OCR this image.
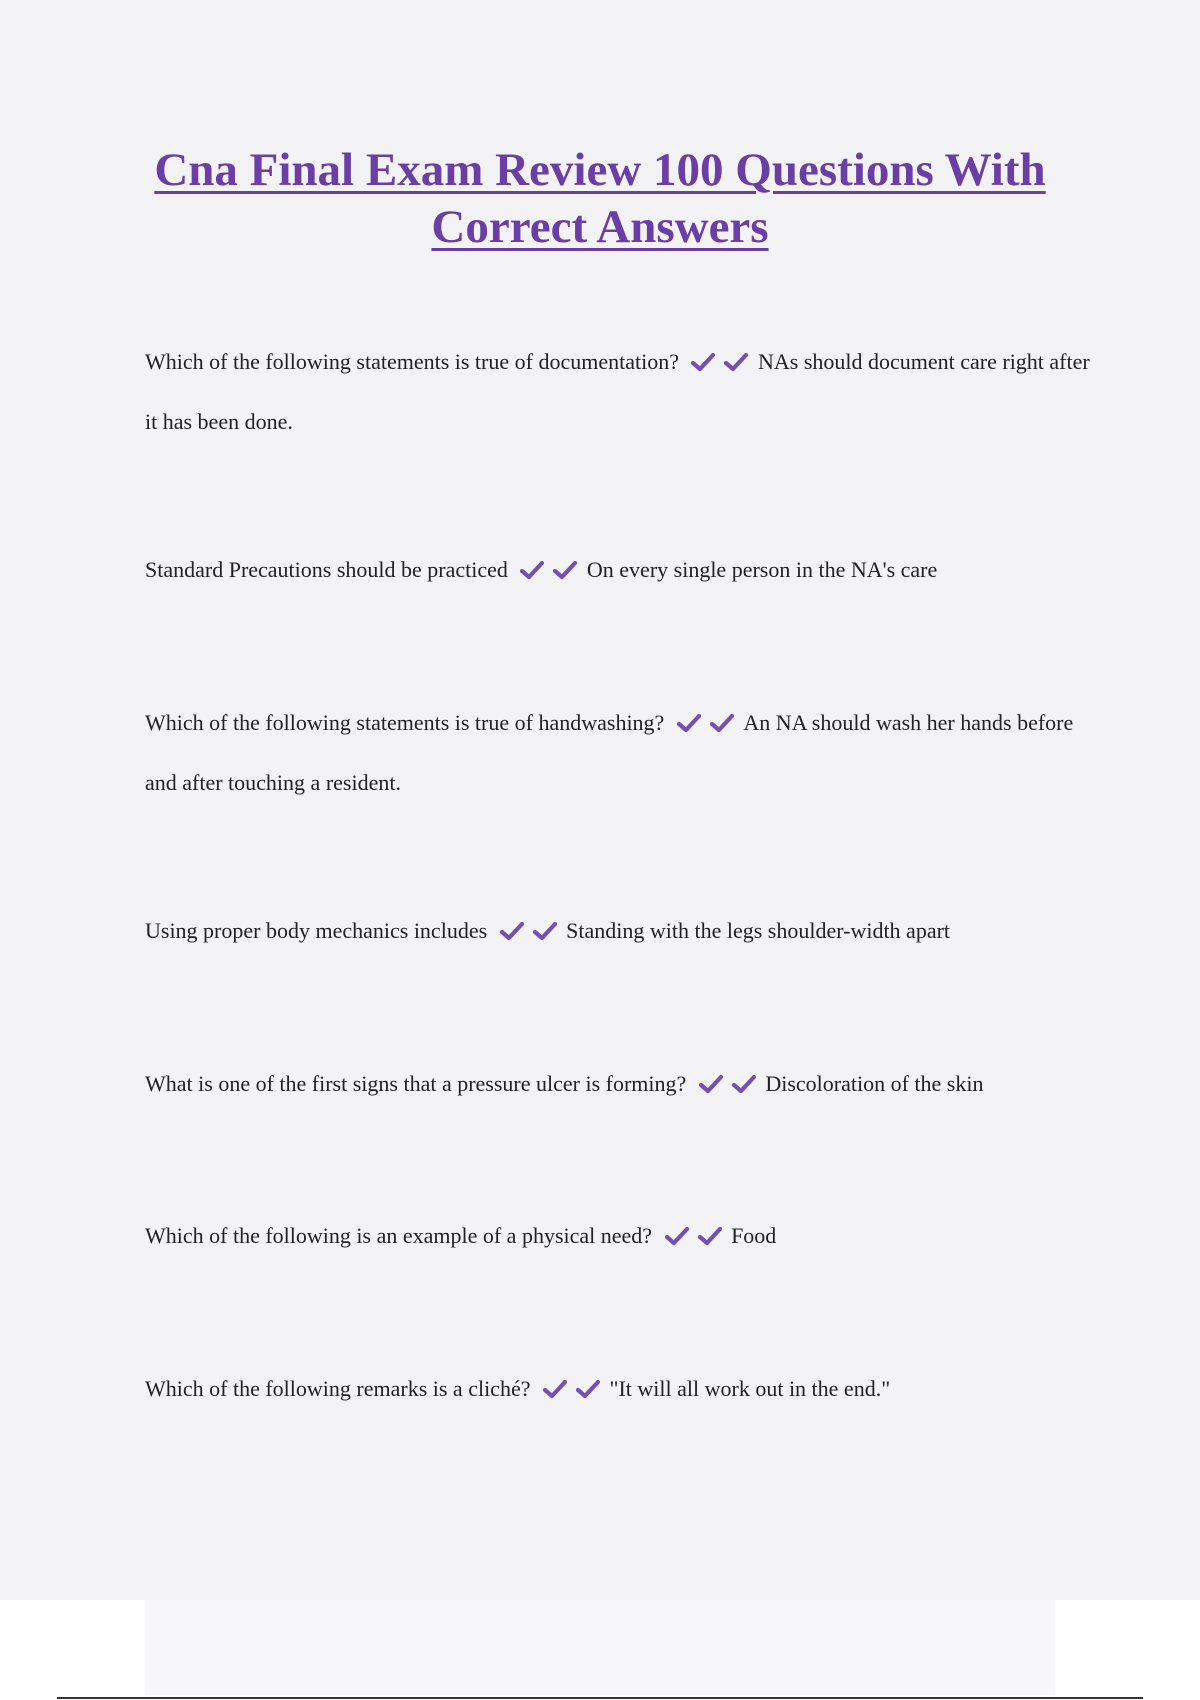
Cna Final Exam Review 100 Questions With Correct Answers

Which of the following statements is true of documentation?	NAs should document care right after it has been done.

Standard Precautions should be practiced	On every single person in the NA's care

Which of the following statements is true of handwashing?	An NA should wash her hands before and after touching a resident.

Using proper body mechanics includes	Standing with the legs shoulder-width apart

What is one of the first signs that a pressure ulcer is forming?	Discoloration of the skin

Which of the following is an example of a physical need?	Food

Which of the following remarks is a cliché?	"It will all work out in the end."
